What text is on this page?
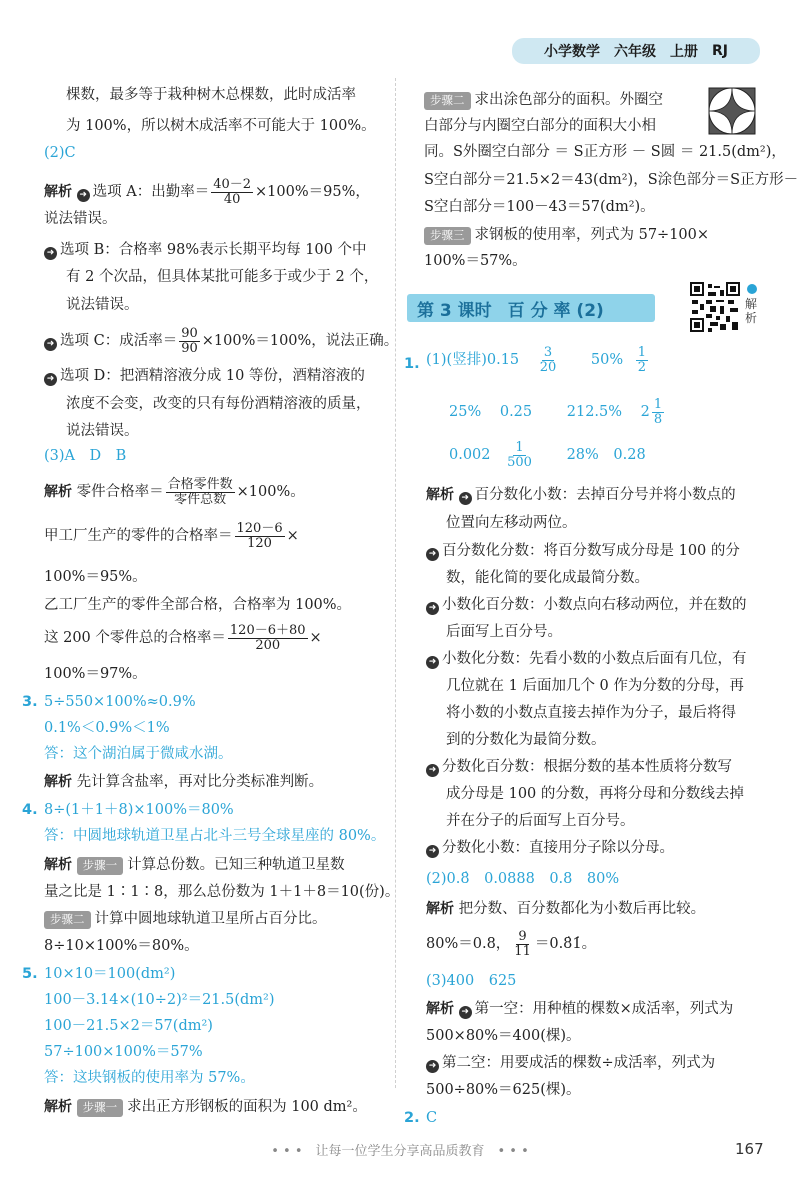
小学数学 六年级 上册 RJ
棵数，最多等于栽种树木总棵数，此时成活率
为 100%，所以树木成活率不可能大于 100%。
(2)C
解析 ➜ 选项 A：出勤率＝ $\frac{40-2}{40} \times 100\%=95\%$，
说法错误。
➜ 选项 B：合格率 98%表示长期平均每 100 个中
有 2 个次品，但具体某批可能多于或少于 2 个，
说法错误。
➜ 选项 C：成活率＝ $\frac{90}{90} \times 100\%=100\%$，说法正确。
➜ 选项 D：把酒精溶液分成 10 等份，酒精溶液的
浓度不会变，改变的只有每份酒精溶液的质量，
说法错误。
(3)A　D　B
解析 零件合格率＝ $\frac{\text{合格零件数}}{\text{零件总数}} \times 100\%$。
甲工厂生产的零件的合格率＝ $\frac{120-6}{120}$ ×
100%＝95%。
乙工厂生产的零件全部合格，合格率为 100%。
这 200 个零件总的合格率＝ $\frac{120-6+80}{200}$ ×
100%＝97%。
3. 5÷550×100%≈0.9%
0.1%＜0.9%＜1%
答：这个湖泊属于微咸水湖。
解析 先计算含盐率，再对比分类标准判断。
4. 8÷(1＋1＋8)×100%＝80%
答：中圆地球轨道卫星占北斗三号全球星座的 80%。
解析 步骤一 计算总份数。已知三种轨道卫星数
量之比是 1∶1∶8，那么总份数为 1＋1＋8＝10(份)。
步骤二 计算中圆地球轨道卫星所占百分比。
8÷10×100%＝80%。
5. 10×10＝100(dm²)
100－3.14×(10÷2)²＝21.5(dm²)
100－21.5×2＝57(dm²)
57÷100×100%＝57%
答：这块钢板的使用率为 57%。
解析 步骤一 求出正方形钢板的面积为 100 dm²。
步骤二 求出涂色部分的面积。外圈空
白部分与内圈空白部分的面积大小相
同。S外圈空白部分 ＝ S正方形 － S圆 ＝ 21.5(dm²)，
S空白部分＝21.5×2＝43(dm²)，S涂色部分＝S正方形－
S空白部分＝100－43＝57(dm²)。
步骤三 求钢板的使用率，列式为 57÷100×
100%＝57%。
第 3 课时 百 分 率 (2)	解析
1. (1)(竖排)$0.15 \frac{3}{20} 50\% \frac{1}{2}$
25% 0.25 212.5% $2 \frac{1}{8}$
$0.002 \frac{1}{500} 28\%$ 0.28
解析 ➜ 百分数化小数：去掉百分号并将小数点的
位置向左移动两位。
➜ 百分数化分数：将百分数写成分母是 100 的分
数，能化简的要化成最简分数。
➜ 小数化百分数：小数点向右移动两位，并在数的
后面写上百分号。
➜ 小数化分数：先看小数的小数点后面有几位，有
几位就在 1 后面加几个 0 作为分数的分母，再
将小数的小数点直接去掉作为分子，最后将得
到的分数化为最简分数。
➜ 分数化百分数：根据分数的基本性质将分数写
成分母是 100 的分数，再将分母和分数线去掉
并在分子的后面写上百分号。
➜ 分数化小数：直接用分子除以分母。
(2)0.8̇　0.0888　0.8　80%
解析 把分数、百分数都化为小数后再比较。
80%＝0.8， $\frac{9}{11}$ ＝0.8̇1̇。
(3)400　625
解析 ➜ 第一空：用种植的棵数×成活率，列式为
500×80%＝400(棵)。
➜ 第二空：用要成活的棵数÷成活率，列式为
500÷80%＝625(棵)。
2. C
• • •　让每一位学生分享高品质教育　• • •	167
